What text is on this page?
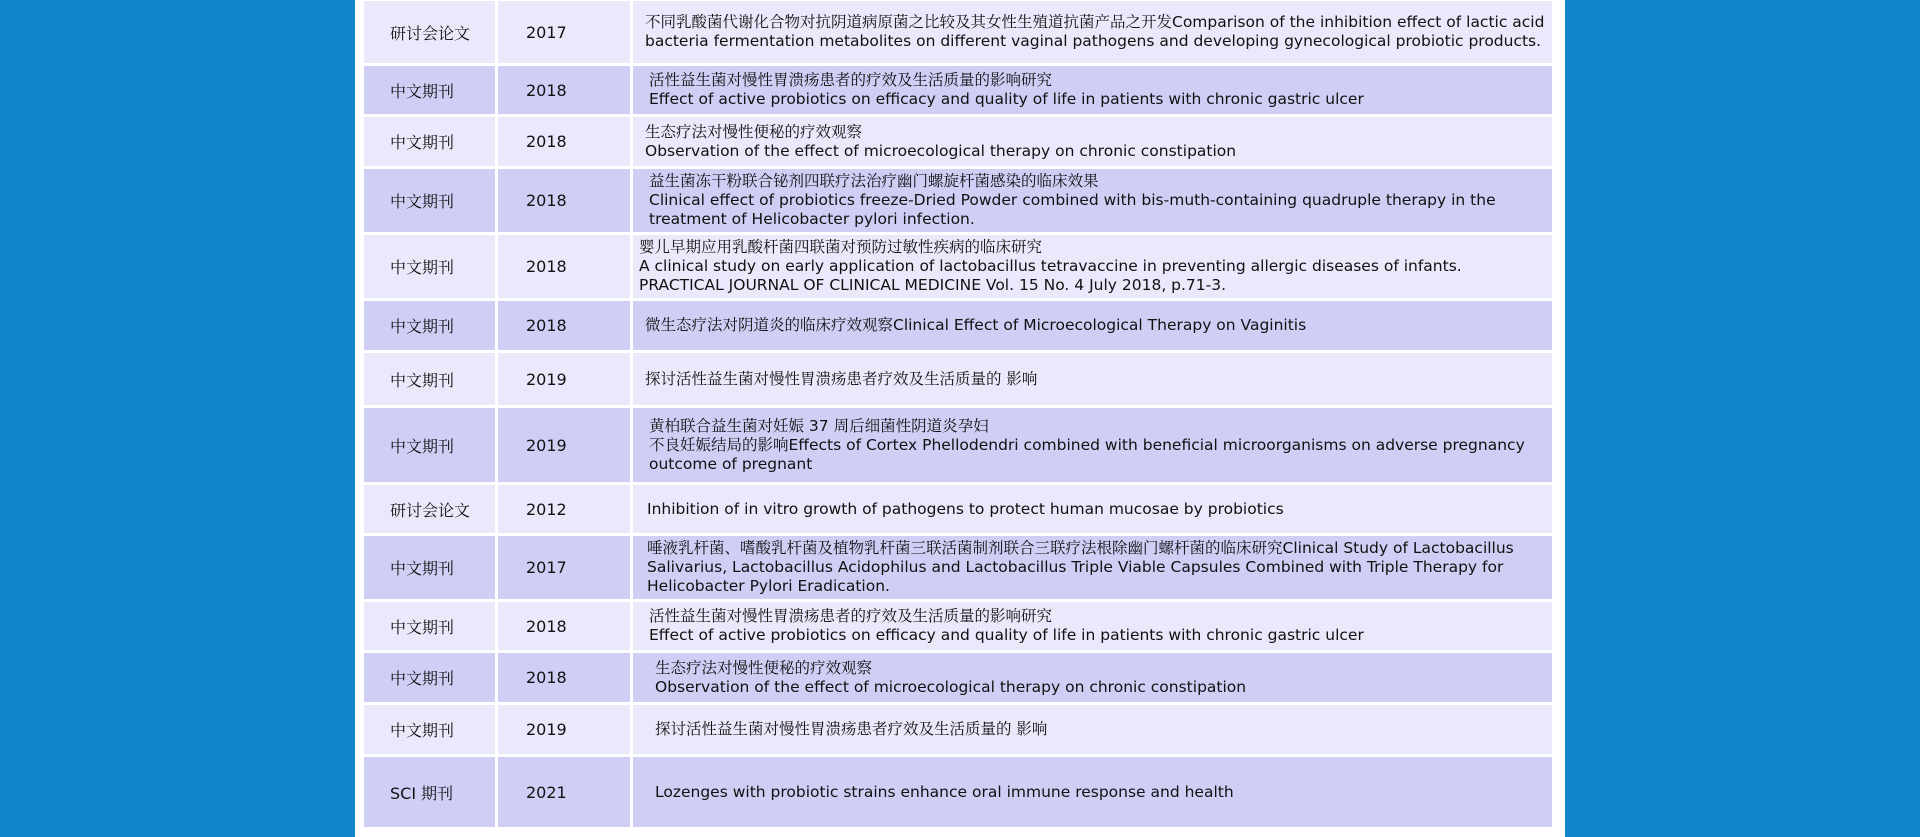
研讨会论文	2017
不同乳酸菌代谢化合物对抗阴道病原菌之比较及其女性生殖道抗菌产品之开发Comparison of the inhibition effect of lactic acid bacteria fermentation metabolites on different vaginal pathogens and developing gynecological probiotic products.
中文期刊	2018
活性益生菌对慢性胃溃疡患者的疗效及生活质量的影响研究
Effect of active probiotics on efficacy and quality of life in patients with chronic gastric ulcer
中文期刊	2018
生态疗法对慢性便秘的疗效观察
Observation of the effect of microecological therapy on chronic constipation
中文期刊	2018
益生菌冻干粉联合铋剂四联疗法治疗幽门螺旋杆菌感染的临床效果
Clinical effect of probiotics freeze-Dried Powder combined with bis-muth-containing quadruple therapy in the treatment of Helicobacter pylori infection.
中文期刊	2018
婴儿早期应用乳酸杆菌四联菌对预防过敏性疾病的临床研究
A clinical study on early application of lactobacillus tetravaccine in preventing allergic diseases of infants. PRACTICAL JOURNAL OF CLINICAL MEDICINE Vol. 15 No. 4 July 2018, p.71-3.
中文期刊	2018	微生态疗法对阴道炎的临床疗效观察Clinical Effect of Microecological Therapy on Vaginitis
中文期刊	2019	探讨活性益生菌对慢性胃溃疡患者疗效及生活质量的 影响
中文期刊	2019
黄柏联合益生菌对妊娠 37 周后细菌性阴道炎孕妇
不良妊娠结局的影响Effects of Cortex Phellodendri combined with beneficial microorganisms on adverse pregnancy outcome of pregnant
研讨会论文	2012	Inhibition of in vitro growth of pathogens to protect human mucosae by probiotics
中文期刊	2017
唾液乳杆菌、嗜酸乳杆菌及植物乳杆菌三联活菌制剂联合三联疗法根除幽门螺杆菌的临床研究Clinical Study of Lactobacillus Salivarius, Lactobacillus Acidophilus and Lactobacillus Triple Viable Capsules Combined with Triple Therapy for Helicobacter Pylori Eradication.
中文期刊	2018
活性益生菌对慢性胃溃疡患者的疗效及生活质量的影响研究
Effect of active probiotics on efficacy and quality of life in patients with chronic gastric ulcer
中文期刊	2018
生态疗法对慢性便秘的疗效观察
Observation of the effect of microecological therapy on chronic constipation
中文期刊	2019	探讨活性益生菌对慢性胃溃疡患者疗效及生活质量的 影响
SCI 期刊	2021	Lozenges with probiotic strains enhance oral immune response and health
